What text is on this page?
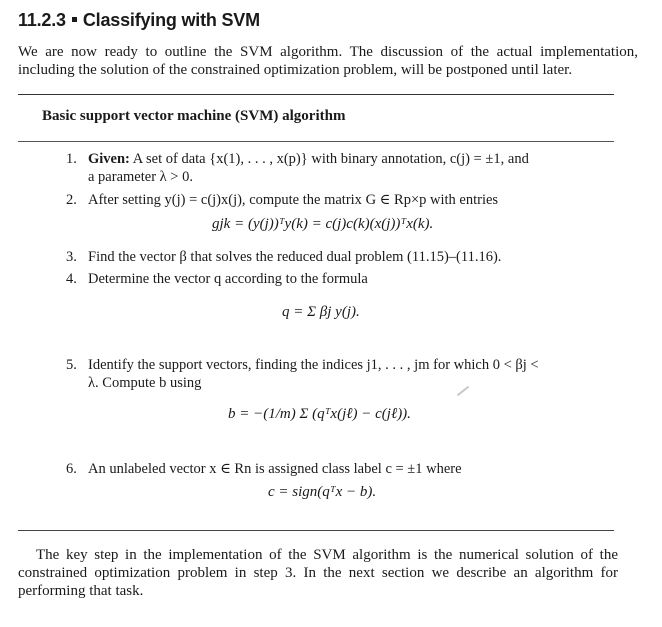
11.2.3 Classifying with SVM
We are now ready to outline the SVM algorithm. The discussion of the actual implementation, including the solution of the constrained optimization problem, will be postponed until later.
Basic support vector machine (SVM) algorithm
1. Given: A set of data {x(1), . . . , x(p)} with binary annotation, c(j) = ±1, and
a parameter λ > 0.
2. After setting y(j) = c(j)x(j), compute the matrix G ∈ Rp×p with entries
gjk = (y(j))ᵀy(k) = c(j)c(k)(x(j))ᵀx(k).
3. Find the vector β that solves the reduced dual problem (11.15)–(11.16).
4. Determine the vector q according to the formula
q = Σ βj y(j).
5. Identify the support vectors, finding the indices j1, . . . , jm for which 0 < βj <
λ. Compute b using
b = −(1/m) Σ (qᵀx(jℓ) − c(jℓ)).
6. An unlabeled vector x ∈ Rn is assigned class label c = ±1 where
c = sign(qᵀx − b).
The key step in the implementation of the SVM algorithm is the numerical solution of the constrained optimization problem in step 3. In the next section we describe an algorithm for performing that task.
